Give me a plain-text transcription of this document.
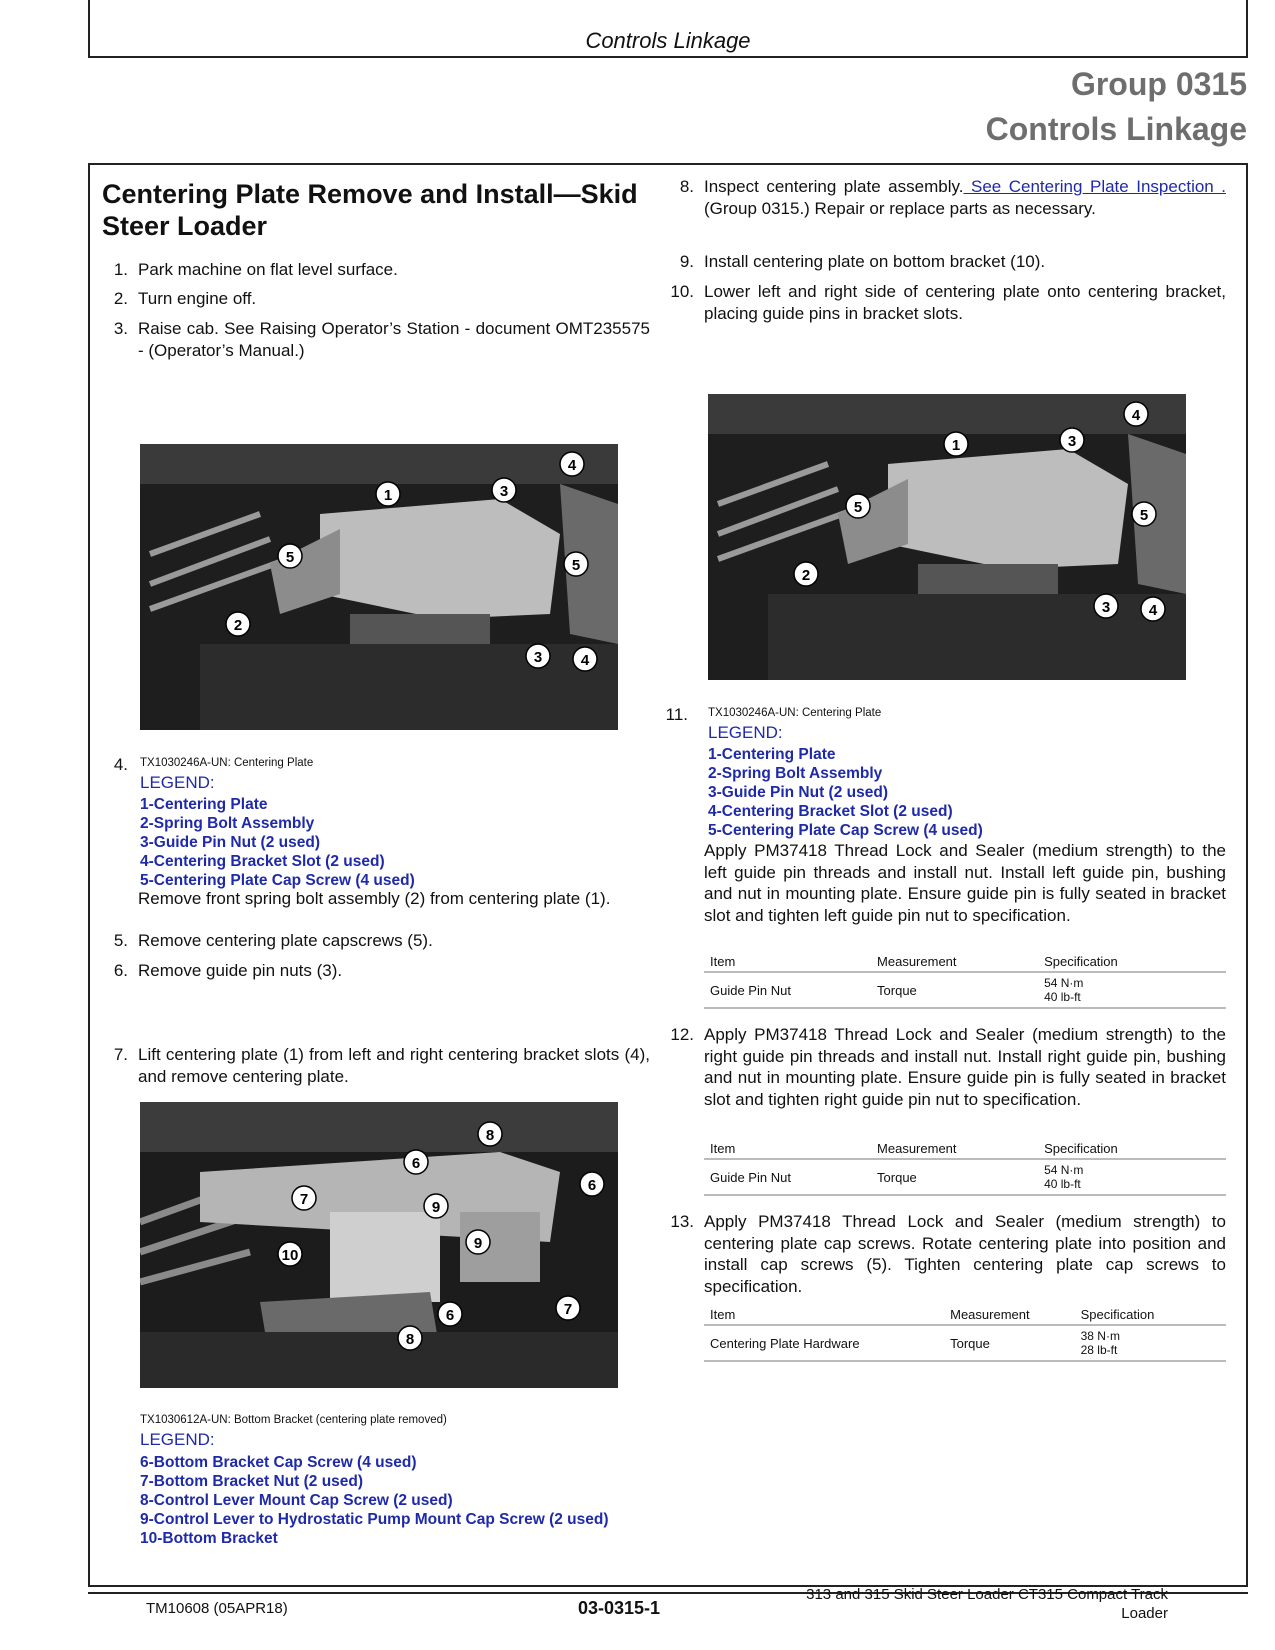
Controls Linkage
Group 0315
Controls Linkage
Centering Plate Remove and Install—Skid Steer Loader
1. Park machine on flat level surface.
2. Turn engine off.
3. Raise cab. See Raising Operator’s Station - document OMT235575 - (Operator’s Manual.)
1
2
3
4
5	5
3	4
4. TX1030246A-UN: Centering Plate
LEGEND:
1-Centering Plate
2-Spring Bolt Assembly
3-Guide Pin Nut (2 used)
4-Centering Bracket Slot (2 used)
5-Centering Plate Cap Screw (4 used)
Remove front spring bolt assembly (2) from centering plate (1).
5. Remove centering plate capscrews (5).
6. Remove guide pin nuts (3).
7. Lift centering plate (1) from left and right centering bracket slots (4), and remove centering plate.
8
6
6
7	9
9
10
6	7
8
TX1030612A-UN: Bottom Bracket (centering plate removed)
LEGEND:
6-Bottom Bracket Cap Screw (4 used)
7-Bottom Bracket Nut (2 used)
8-Control Lever Mount Cap Screw (2 used)
9-Control Lever to Hydrostatic Pump Mount Cap Screw (2 used)
10-Bottom Bracket
8. Inspect centering plate assembly. See Centering Plate Inspection . (Group 0315.) Repair or replace parts as necessary.
9. Install centering plate on bottom bracket (10).
10. Lower left and right side of centering plate onto centering bracket, placing guide pins in bracket slots.
4
1	3
5	5
2
3	4
11. TX1030246A-UN: Centering Plate
LEGEND:
1-Centering Plate
2-Spring Bolt Assembly
3-Guide Pin Nut (2 used)
4-Centering Bracket Slot (2 used)
5-Centering Plate Cap Screw (4 used)
Apply PM37418 Thread Lock and Sealer (medium strength) to the left guide pin threads and install nut. Install left guide pin, bushing and nut in mounting plate. Ensure guide pin is fully seated in bracket slot and tighten left guide pin nut to specification.
Item	Measurement	Specification
Guide Pin Nut	Torque	54 N·m
40 lb-ft
12. Apply PM37418 Thread Lock and Sealer (medium strength) to the right guide pin threads and install nut. Install right guide pin, bushing and nut in mounting plate. Ensure guide pin is fully seated in bracket slot and tighten right guide pin nut to specification.
Item	Measurement	Specification
Guide Pin Nut	Torque	54 N·m
40 lb-ft
13. Apply PM37418 Thread Lock and Sealer (medium strength) to centering plate cap screws. Rotate centering plate into position and install cap screws (5). Tighten centering plate cap screws to specification.
Item	Measurement	Specification
Centering Plate Hardware	Torque	38 N·m
28 lb-ft
TM10608 (05APR18)	03-0315-1
313 and 315 Skid Steer Loader CT315 Compact Track
Loader
